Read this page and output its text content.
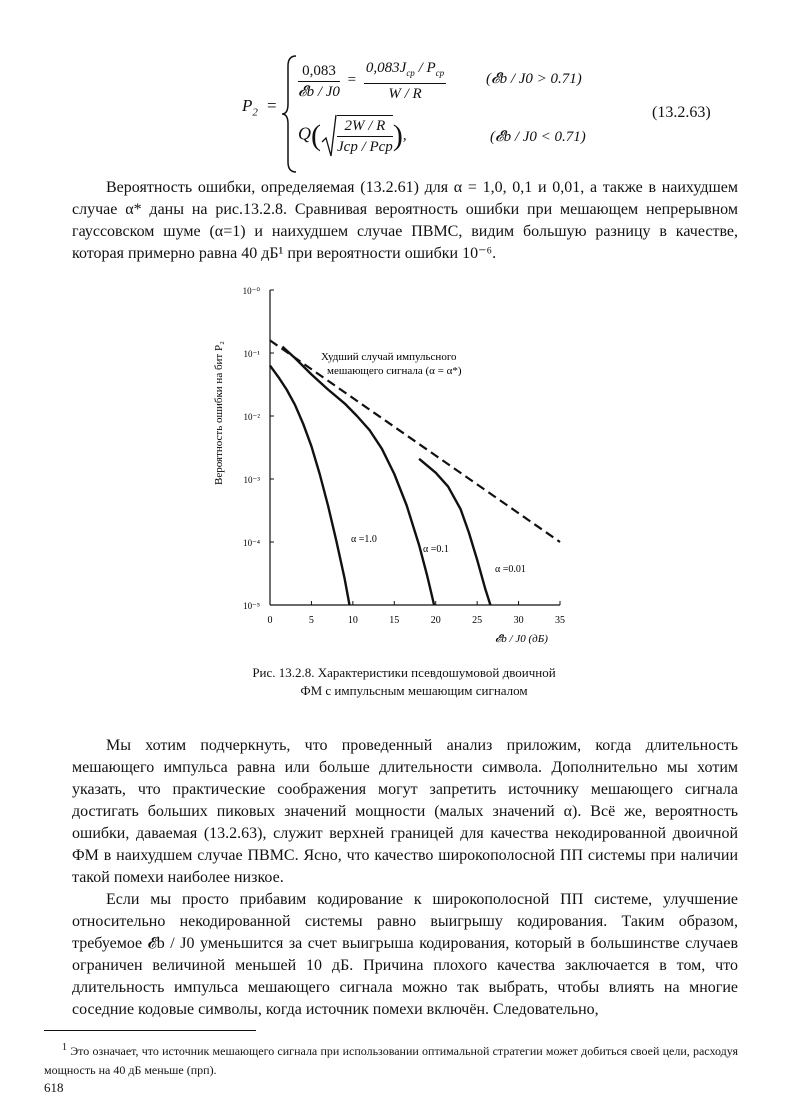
$P_2$ =
$\frac{0,083}{\text{𝓔b / J0}} = \frac{0,083J_{cp} / P_{cp}}{W / R}$	(𝓔b / J0 > 0.71)
$Q( \frac{2W / R}{\text{Jcp / Pcp}}$ ),	(𝓔b / J0 < 0.71)
(13.2.63)

Вероятность ошибки, определяемая (13.2.61) для α = 1,0, 0,1 и 0,01, а также в наихудшем случае α* даны на рис.13.2.8. Сравнивая вероятность ошибки при мешающем непрерывном гауссовском шуме (α=1) и наихудшем случае ПВМС, видим большую разницу в качестве, которая примерно равна 40 дБ¹ при вероятности ошибки 10⁻⁶.

0	5	10	15	20	25	30	35
10⁻⁰
10⁻¹
10⁻²
10⁻³
10⁻⁴
10⁻⁵
Вероятность ошибки на бит P₂
𝓔b / J0 (дБ)
Худший случай импульсного
мешающего сигнала (α = α*)
α =1.0
α =0.1
α =0.01
Рис. 13.2.8. Характеристики псевдошумовой двоичной
ФМ с импульсным мешающим сигналом

Мы хотим подчеркнуть, что проведенный анализ приложим, когда длительность мешающего импульса равна или больше длительности символа. Дополнительно мы хотим указать, что практические соображения могут запретить источнику мешающего сигнала достигать больших пиковых значений мощности (малых значений α). Всё же, вероятность ошибки, даваемая (13.2.63), служит верхней границей для качества некодированной двоичной ФМ в наихудшем случае ПВМС. Ясно, что качество широкополосной ПП системы при наличии такой помехи наиболее низкое.

Если мы просто прибавим кодирование к широкополосной ПП системе, улучшение относительно некодированной системы равно выигрышу кодирования. Таким образом, требуемое 𝓔b / J0 уменьшится за счет выигрыша кодирования, который в большинстве случаев ограничен величиной меньшей 10 дБ. Причина плохого качества заключается в том, что длительность импульса мешающего сигнала можно так выбрать, чтобы влиять на многие соседние кодовые символы, когда источник помехи включён. Следовательно,

$^1$ Это означает, что источник мешающего сигнала при использовании оптимальной стратегии может добиться своей цели, расходуя мощность на 40 дБ меньше (прп).
618
